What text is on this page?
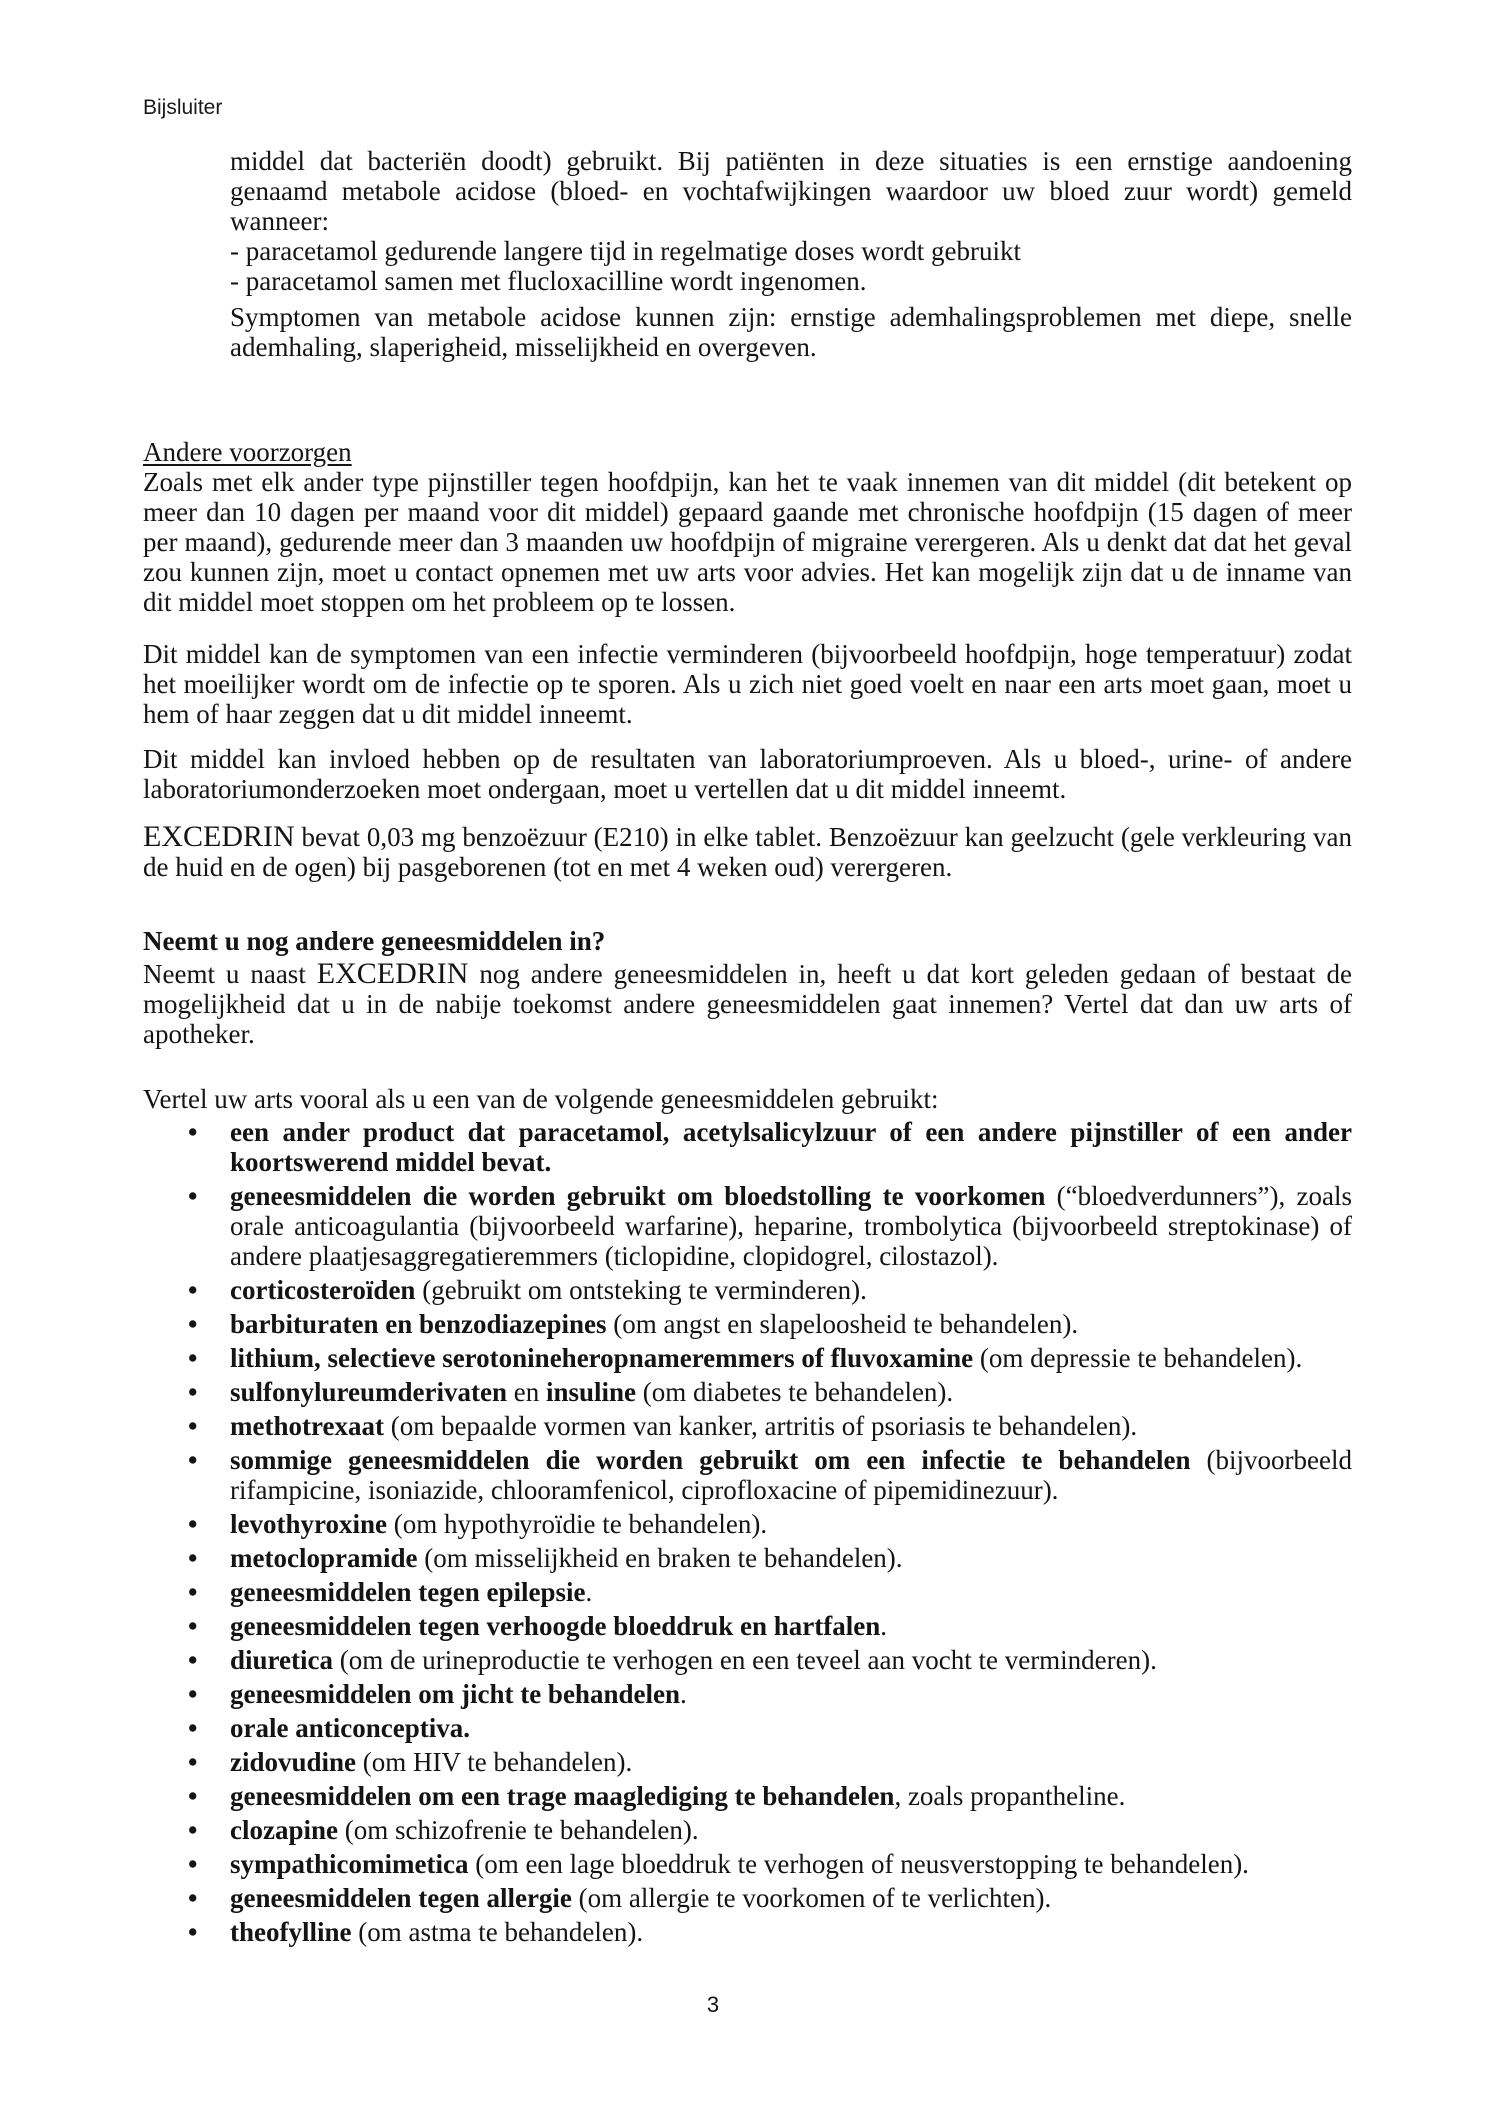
Bijsluiter
middel dat bacteriën doodt) gebruikt. Bij patiënten in deze situaties is een ernstige aandoening genaamd metabole acidose (bloed- en vochtafwijkingen waardoor uw bloed zuur wordt) gemeld wanneer:
- paracetamol gedurende langere tijd in regelmatige doses wordt gebruikt
- paracetamol samen met flucloxacilline wordt ingenomen.
Symptomen van metabole acidose kunnen zijn: ernstige ademhalingsproblemen met diepe, snelle ademhaling, slaperigheid, misselijkheid en overgeven.
Andere voorzorgen
Zoals met elk ander type pijnstiller tegen hoofdpijn, kan het te vaak innemen van dit middel (dit betekent op meer dan 10 dagen per maand voor dit middel) gepaard gaande met chronische hoofdpijn (15 dagen of meer per maand), gedurende meer dan 3 maanden uw hoofdpijn of migraine verergeren. Als u denkt dat dat het geval zou kunnen zijn, moet u contact opnemen met uw arts voor advies. Het kan mogelijk zijn dat u de inname van dit middel moet stoppen om het probleem op te lossen.
Dit middel kan de symptomen van een infectie verminderen (bijvoorbeeld hoofdpijn, hoge temperatuur) zodat het moeilijker wordt om de infectie op te sporen. Als u zich niet goed voelt en naar een arts moet gaan, moet u hem of haar zeggen dat u dit middel inneemt.
Dit middel kan invloed hebben op de resultaten van laboratoriumproeven. Als u bloed-, urine- of andere laboratoriumonderzoeken moet ondergaan, moet u vertellen dat u dit middel inneemt.
EXCEDRIN bevat 0,03 mg benzoëzuur (E210) in elke tablet. Benzoëzuur kan geelzucht (gele verkleuring van de huid en de ogen) bij pasgeborenen (tot en met 4 weken oud) verergeren.
Neemt u nog andere geneesmiddelen in?
Neemt u naast EXCEDRIN nog andere geneesmiddelen in, heeft u dat kort geleden gedaan of bestaat de mogelijkheid dat u in de nabije toekomst andere geneesmiddelen gaat innemen? Vertel dat dan uw arts of apotheker.
Vertel uw arts vooral als u een van de volgende geneesmiddelen gebruikt:
•	een ander product dat paracetamol, acetylsalicylzuur of een andere pijnstiller of een ander koortswerend middel bevat.
•	geneesmiddelen die worden gebruikt om bloedstolling te voorkomen (“bloedverdunners”), zoals orale anticoagulantia (bijvoorbeeld warfarine), heparine, trombolytica (bijvoorbeeld streptokinase) of andere plaatjesaggregatieremmers (ticlopidine, clopidogrel, cilostazol).
•	corticosteroïden (gebruikt om ontsteking te verminderen).
•	barbituraten en benzodiazepines (om angst en slapeloosheid te behandelen).
•	lithium, selectieve serotonineheropnameremmers of fluvoxamine (om depressie te behandelen).
•	sulfonylureumderivaten en insuline (om diabetes te behandelen).
•	methotrexaat (om bepaalde vormen van kanker, artritis of psoriasis te behandelen).
•	sommige geneesmiddelen die worden gebruikt om een infectie te behandelen (bijvoorbeeld rifampicine, isoniazide, chlooramfenicol, ciprofloxacine of pipemidinezuur).
•	levothyroxine (om hypothyroïdie te behandelen).
•	metoclopramide (om misselijkheid en braken te behandelen).
•	geneesmiddelen tegen epilepsie.
•	geneesmiddelen tegen verhoogde bloeddruk en hartfalen.
•	diuretica (om de urineproductie te verhogen en een teveel aan vocht te verminderen).
•	geneesmiddelen om jicht te behandelen.
•	orale anticonceptiva.
•	zidovudine (om HIV te behandelen).
•	geneesmiddelen om een trage maaglediging te behandelen, zoals propantheline.
•	clozapine (om schizofrenie te behandelen).
•	sympathicomimetica (om een lage bloeddruk te verhogen of neusverstopping te behandelen).
•	geneesmiddelen tegen allergie (om allergie te voorkomen of te verlichten).
•	theofylline (om astma te behandelen).
3
